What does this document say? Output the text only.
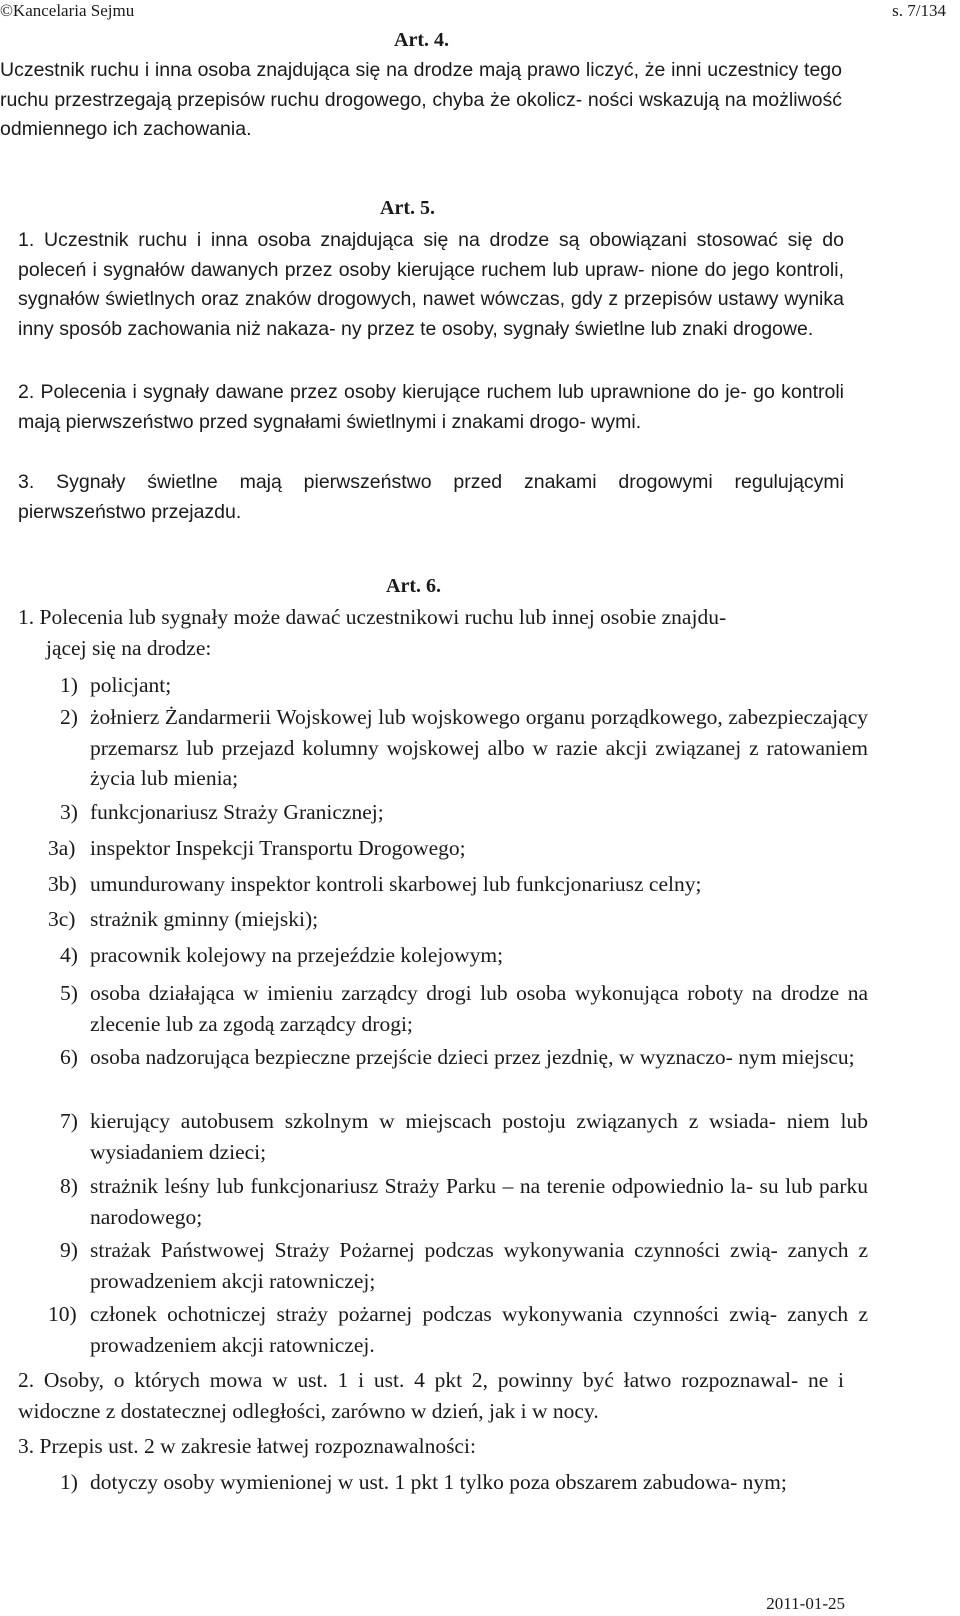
©Kancelaria Sejmu	s. 7/134
Art. 4.
Uczestnik ruchu i inna osoba znajdująca się na drodze mają prawo liczyć, że inni uczestnicy tego ruchu przestrzegają przepisów ruchu drogowego, chyba że okolicz- ności wskazują na możliwość odmiennego ich zachowania.
Art. 5.
1. Uczestnik ruchu i inna osoba znajdująca się na drodze są obowiązani stosować się do poleceń i sygnałów dawanych przez osoby kierujące ruchem lub upraw- nione do jego kontroli, sygnałów świetlnych oraz znaków drogowych, nawet wówczas, gdy z przepisów ustawy wynika inny sposób zachowania niż nakaza- ny przez te osoby, sygnały świetlne lub znaki drogowe.
2. Polecenia i sygnały dawane przez osoby kierujące ruchem lub uprawnione do je- go kontroli mają pierwszeństwo przed sygnałami świetlnymi i znakami drogo- wymi.
3. Sygnały świetlne mają pierwszeństwo przed znakami drogowymi regulującymi pierwszeństwo przejazdu.
Art. 6.
1. Polecenia lub sygnały może dawać uczestnikowi ruchu lub innej osobie znajdu-
jącej się na drodze:
1) policjant;
2) żołnierz Żandarmerii Wojskowej lub wojskowego organu porządkowego, zabezpieczający przemarsz lub przejazd kolumny wojskowej albo w razie akcji związanej z ratowaniem życia lub mienia;
3) funkcjonariusz Straży Granicznej;
3a) inspektor Inspekcji Transportu Drogowego;
3b) umundurowany inspektor kontroli skarbowej lub funkcjonariusz celny;
3c) strażnik gminny (miejski);
4) pracownik kolejowy na przejeździe kolejowym;
5) osoba działająca w imieniu zarządcy drogi lub osoba wykonująca roboty na drodze na zlecenie lub za zgodą zarządcy drogi;
6) osoba nadzorująca bezpieczne przejście dzieci przez jezdnię, w wyznaczo- nym miejscu;
7) kierujący autobusem szkolnym w miejscach postoju związanych z wsiada- niem lub wysiadaniem dzieci;
8) strażnik leśny lub funkcjonariusz Straży Parku – na terenie odpowiednio la- su lub parku narodowego;
9) strażak Państwowej Straży Pożarnej podczas wykonywania czynności zwią- zanych z prowadzeniem akcji ratowniczej;
10) członek ochotniczej straży pożarnej podczas wykonywania czynności zwią- zanych z prowadzeniem akcji ratowniczej.
2. Osoby, o których mowa w ust. 1 i ust. 4 pkt 2, powinny być łatwo rozpoznawal- ne i widoczne z dostatecznej odległości, zarówno w dzień, jak i w nocy.
3. Przepis ust. 2 w zakresie łatwej rozpoznawalności:
1) dotyczy osoby wymienionej w ust. 1 pkt 1 tylko poza obszarem zabudowa- nym;
2011-01-25
